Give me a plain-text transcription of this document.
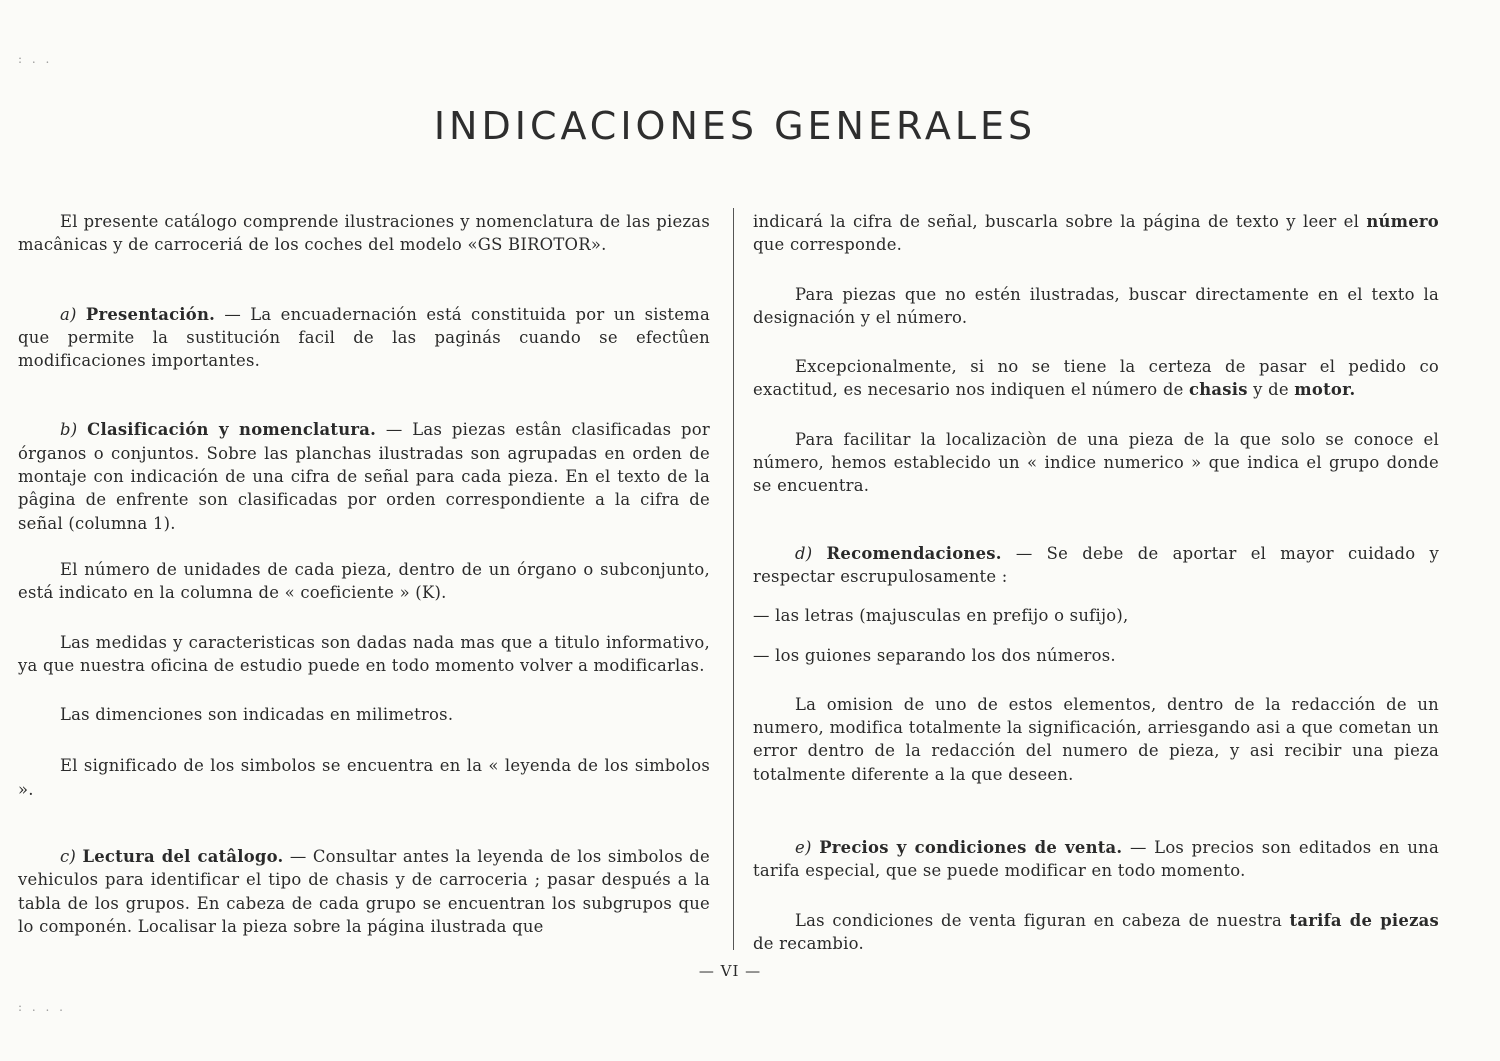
: . .
: . . .
INDICACIONES GENERALES

El presente catálogo comprende ilustraciones y nomenclatura de las piezas macânicas y de carroceriá de los coches del modelo «GS BIROTOR».

a) Presentación. — La encuadernación está constituida por un sistema que permite la sustitución facil de las paginás cuando se efectûen modificaciones importantes.

b) Clasificación y nomenclatura. — Las piezas estân clasificadas por órganos o conjuntos. Sobre las planchas ilustradas son agrupadas en orden de montaje con indicación de una cifra de señal para cada pieza. En el texto de la pâgina de enfrente son clasificadas por orden correspondiente a la cifra de señal (columna 1).

El número de unidades de cada pieza, dentro de un órgano o subconjunto, está indicato en la columna de « coeficiente » (K).

Las medidas y caracteristicas son dadas nada mas que a titulo informativo, ya que nuestra oficina de estudio puede en todo momento volver a modificarlas.

Las dimenciones son indicadas en milimetros.

El significado de los simbolos se encuentra en la « leyenda de los simbolos ».

c) Lectura del catâlogo. — Consultar antes la leyenda de los simbolos de vehiculos para identificar el tipo de chasis y de carroceria ; pasar después a la tabla de los grupos. En cabeza de cada grupo se encuentran los subgrupos que lo componén. Localisar la pieza sobre la página ilustrada que

indicará la cifra de señal, buscarla sobre la página de texto y leer el número que corresponde.

Para piezas que no estén ilustradas, buscar directamente en el texto la designación y el número.

Excepcionalmente, si no se tiene la certeza de pasar el pedido co exactitud, es necesario nos indiquen el número de chasis y de motor.

Para facilitar la localizaciòn de una pieza de la que solo se conoce el número, hemos establecido un « indice numerico » que indica el grupo donde se encuentra.

d) Recomendaciones. — Se debe de aportar el mayor cuidado y respectar escrupulosamente :

— las letras (majusculas en prefijo o sufijo),

— los guiones separando los dos números.

La omision de uno de estos elementos, dentro de la redacción de un numero, modifica totalmente la significación, arriesgando asi a que cometan un error dentro de la redacción del numero de pieza, y asi recibir una pieza totalmente diferente a la que deseen.

e) Precios y condiciones de venta. — Los precios son editados en una tarifa especial, que se puede modificar en todo momento.

Las condiciones de venta figuran en cabeza de nuestra tarifa de piezas de recambio.

— VI —
